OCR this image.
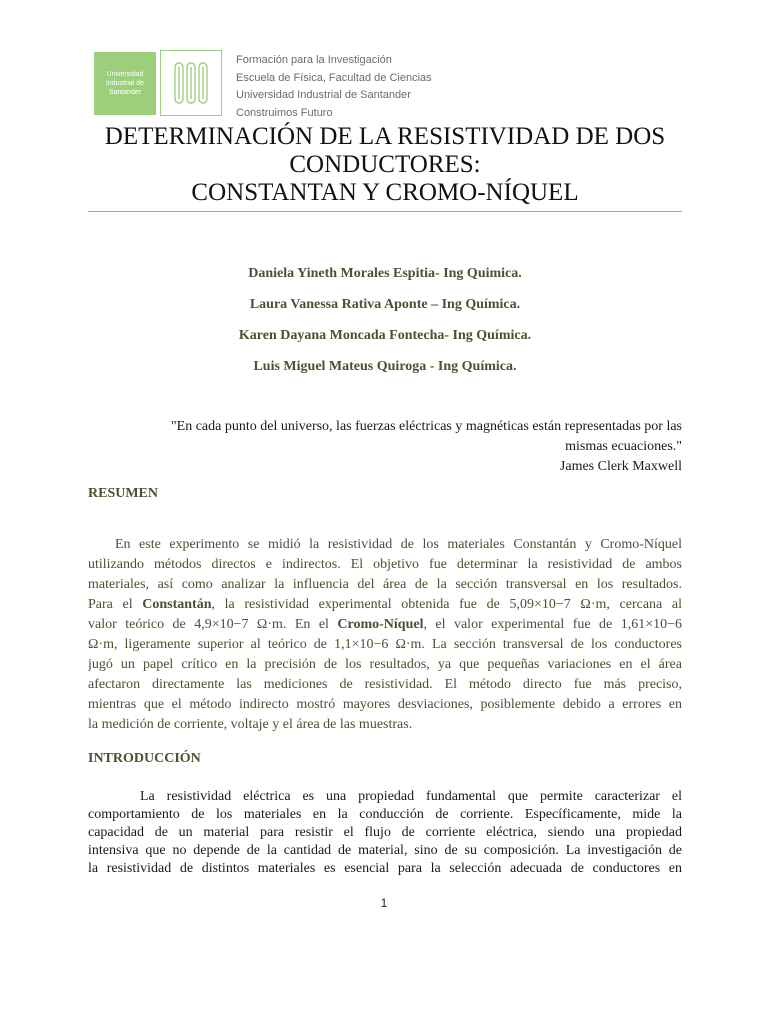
Universidad
Industrial de
Santander
Formación para la Investigación
Escuela de Física, Facultad de Ciencias
Universidad Industrial de Santander
Construimos Futuro
DETERMINACIÓN DE LA RESISTIVIDAD DE DOS
CONDUCTORES:
CONSTANTAN Y CROMO-NÍQUEL
Daniela Yineth Morales Espitia- Ing Quimica.
Laura Vanessa Rativa Aponte – Ing Química.
Karen Dayana Moncada Fontecha- Ing Química.
Luis Miguel Mateus Quiroga - Ing Química.
"En cada punto del universo, las fuerzas eléctricas y magnéticas están representadas por las
mismas ecuaciones."
James Clerk Maxwell
RESUMEN
En este experimento se midió la resistividad de los materiales Constantán y Cromo-Níquel
utilizando métodos directos e indirectos. El objetivo fue determinar la resistividad de ambos
materiales, así como analizar la influencia del área de la sección transversal en los resultados.
Para el Constantán, la resistividad experimental obtenida fue de 5,09×10−7 Ω·m, cercana al
valor teórico de 4,9×10−7 Ω·m. En el Cromo-Níquel, el valor experimental fue de 1,61×10−6
Ω·m, ligeramente superior al teórico de 1,1×10−6 Ω·m. La sección transversal de los conductores
jugó un papel crítico en la precisión de los resultados, ya que pequeñas variaciones en el área
afectaron directamente las mediciones de resistividad. El método directo fue más preciso,
mientras que el método indirecto mostró mayores desviaciones, posiblemente debido a errores en
la medición de corriente, voltaje y el área de las muestras.
INTRODUCCIÓN
La resistividad eléctrica es una propiedad fundamental que permite caracterizar el
comportamiento de los materiales en la conducción de corriente. Específicamente, mide la
capacidad de un material para resistir el flujo de corriente eléctrica, siendo una propiedad
intensiva que no depende de la cantidad de material, sino de su composición. La investigación de
la resistividad de distintos materiales es esencial para la selección adecuada de conductores en
1
